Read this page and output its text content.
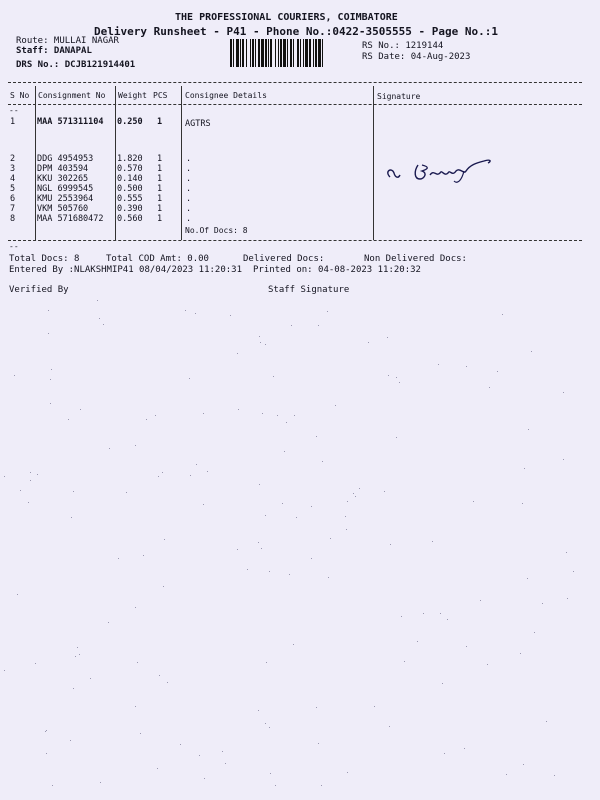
THE PROFESSIONAL COURIERS, COIMBATORE
Delivery Runsheet - P41 - Phone No.:0422-3505555 - Page No.:1
Route: MULLAI NAGAR
Staff: DANAPAL
DRS No.: DCJB121914401
RS No.: 1219144
RS Date: 04-Aug-2023
S No Consignment No Weight PCS Consignee Details	Signature
--
1	MAA 571311104 0.250 1	AGTRS
2	DDG 4954953	1.820 1	.
3	DPM 403594	0.570 1	.
4	KKU 302265	0.140 1	.
5	NGL 6999545	0.500 1	.
6	KMU 2553964	0.555 1	.
7	VKM 505760	0.390 1	.
8	MAA 571680472 0.560 1	.
No.Of Docs: 8
--
Total Docs: 8	Total COD Amt: 0.00	Delivered Docs:	Non Delivered Docs:
Entered By :NLAKSHMIP41 08/04/2023 11:20:31 Printed on: 04-08-2023 11:20:32
Verified By	Staff Signature
